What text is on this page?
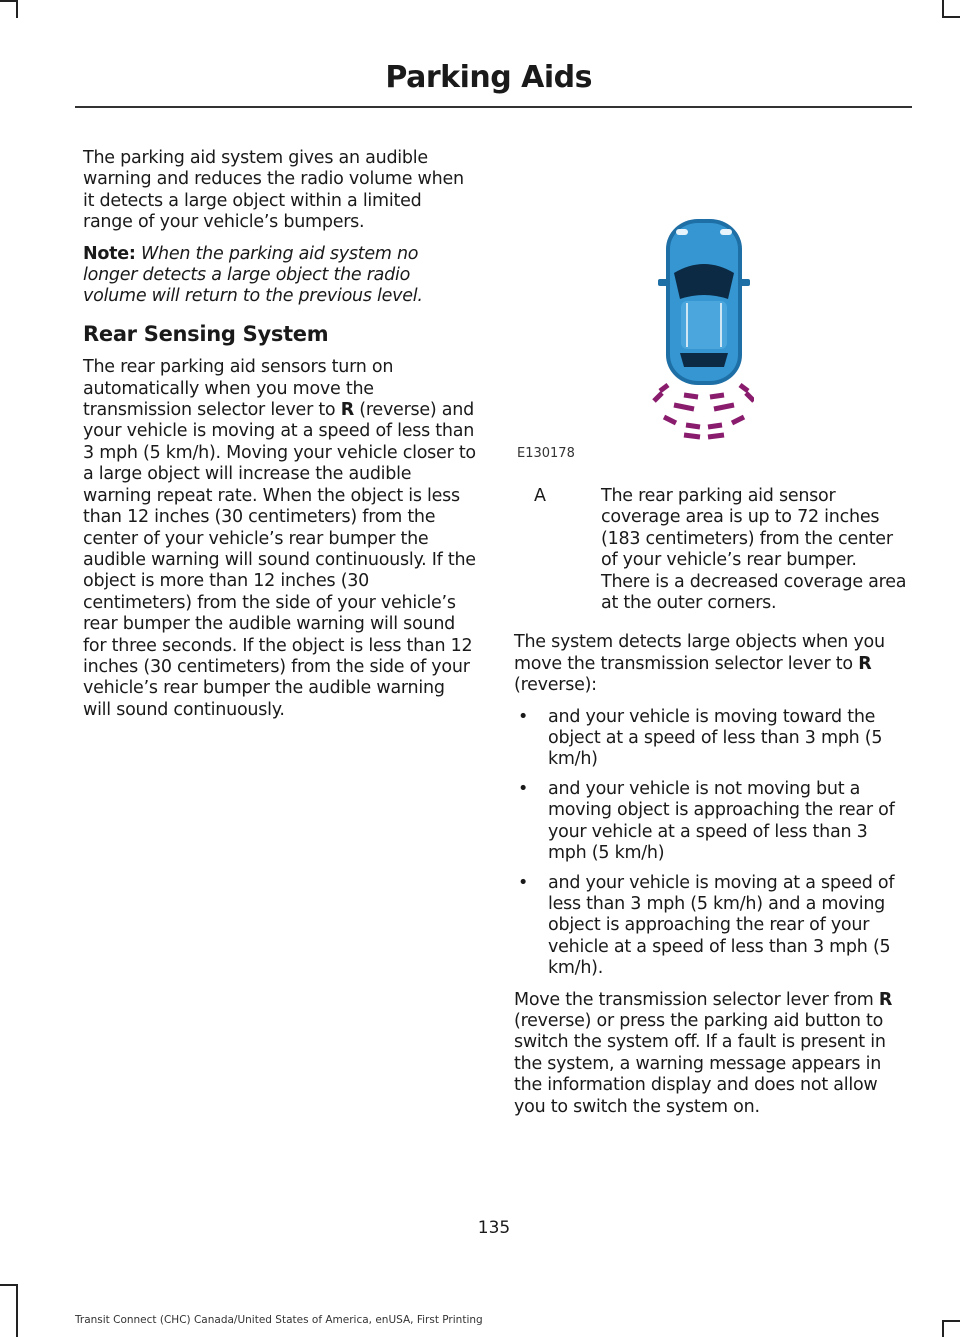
Parking Aids

The parking aid system gives an audible warning and reduces the radio volume when it detects a large object within a limited range of your vehicle’s bumpers.

Note: When the parking aid system no longer detects a large object the radio volume will return to the previous level.

Rear Sensing System

The rear parking aid sensors turn on automatically when you move the transmission selector lever to R (reverse) and your vehicle is moving at a speed of less than 3 mph (5 km/h). Moving your vehicle closer to a large object will increase the audible warning repeat rate. When the object is less than 12 inches (30 centimeters) from the center of your vehicle’s rear bumper the audible warning will sound continuously. If the object is more than 12 inches (30 centimeters) from the side of your vehicle’s rear bumper the audible warning will sound for three seconds. If the object is less than 12 inches (30 centimeters) from the side of your vehicle’s rear bumper the audible warning will sound continuously.

E130178
A	The rear parking aid sensor coverage area is up to 72 inches (183 centimeters) from the center of your vehicle’s rear bumper. There is a decreased coverage area at the outer corners.

The system detects large objects when you move the transmission selector lever to R (reverse):

• and your vehicle is moving toward the object at a speed of less than 3 mph (5 km/h)
• and your vehicle is not moving but a moving object is approaching the rear of your vehicle at a speed of less than 3 mph (5 km/h)
• and your vehicle is moving at a speed of less than 3 mph (5 km/h) and a moving object is approaching the rear of your vehicle at a speed of less than 3 mph (5 km/h).

Move the transmission selector lever from R (reverse) or press the parking aid button to switch the system off. If a fault is present in the system, a warning message appears in the information display and does not allow you to switch the system on.

135
Transit Connect (CHC) Canada/United States of America, enUSA, First Printing
